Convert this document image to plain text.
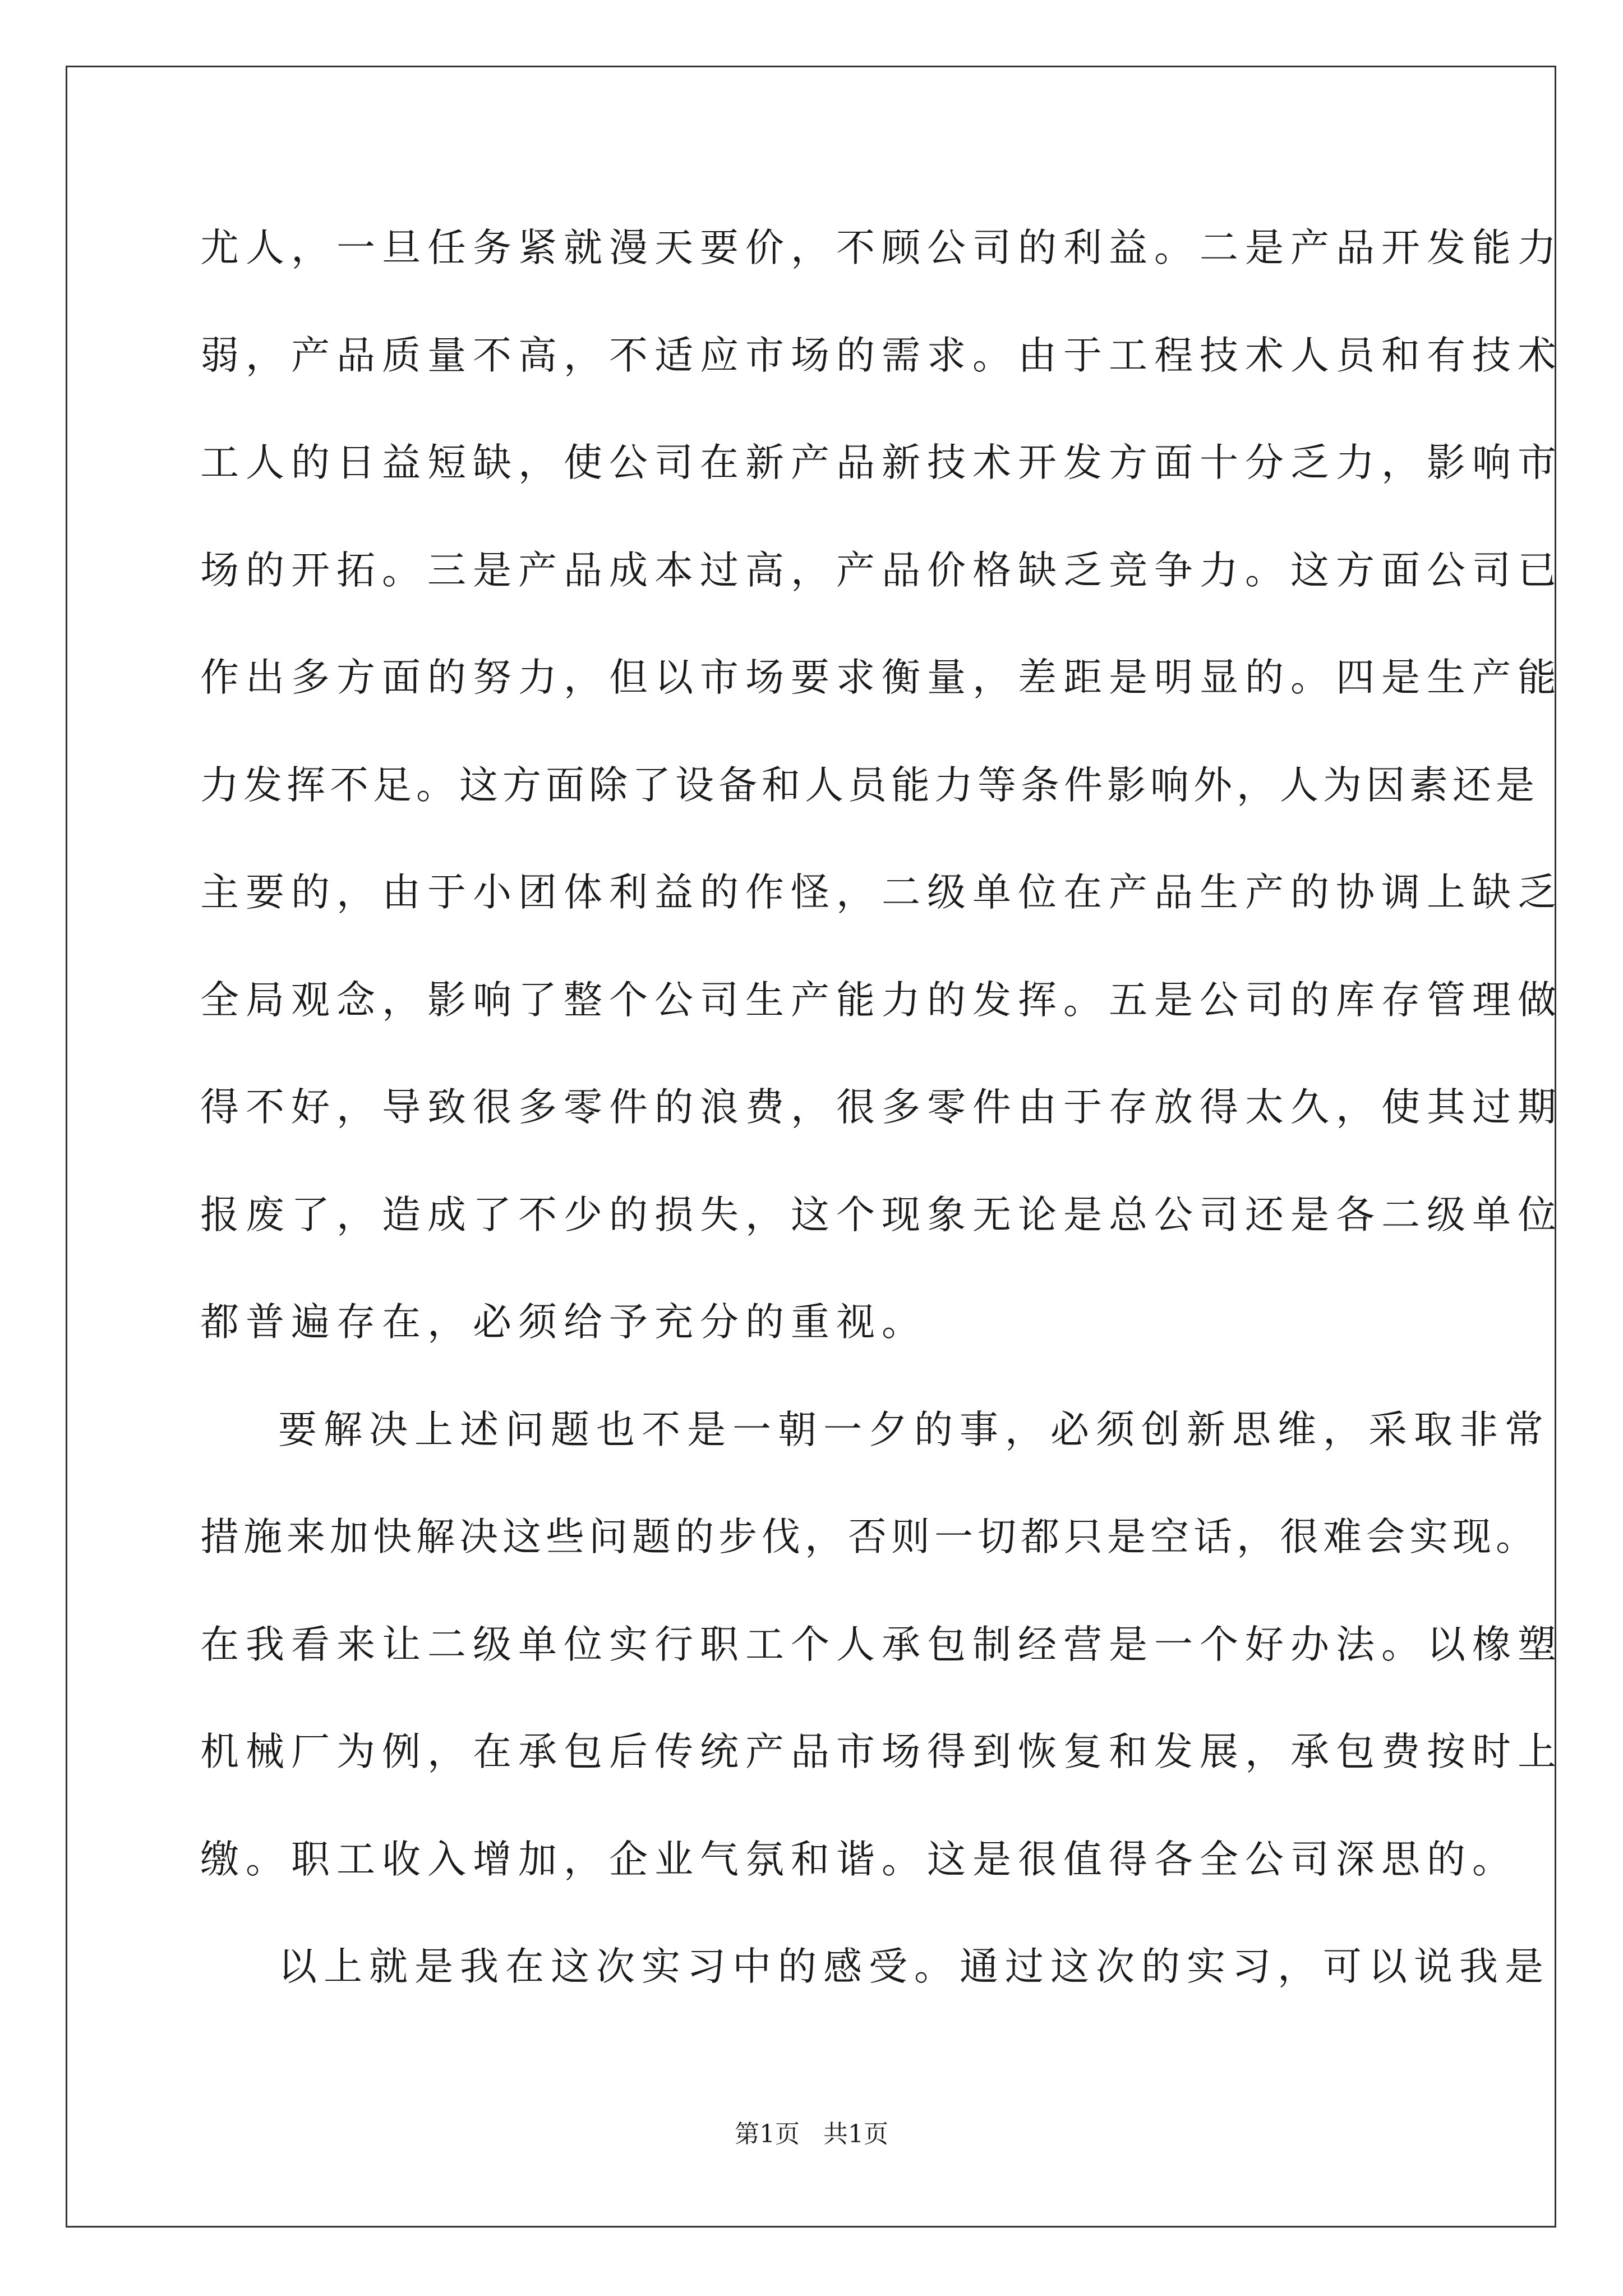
尤人，一旦任务紧就漫天要价，不顾公司的利益。二是产品开发能力
弱，产品质量不高，不适应市场的需求。由于工程技术人员和有技术
工人的日益短缺，使公司在新产品新技术开发方面十分乏力，影响市
场的开拓。三是产品成本过高，产品价格缺乏竞争力。这方面公司已
作出多方面的努力，但以市场要求衡量，差距是明显的。四是生产能
力发挥不足。这方面除了设备和人员能力等条件影响外，人为因素还是
主要的，由于小团体利益的作怪，二级单位在产品生产的协调上缺乏
全局观念，影响了整个公司生产能力的发挥。五是公司的库存管理做
得不好，导致很多零件的浪费，很多零件由于存放得太久，使其过期
报废了，造成了不少的损失，这个现象无论是总公司还是各二级单位
都普遍存在，必须给予充分的重视。
要解决上述问题也不是一朝一夕的事，必须创新思维，采取非常
措施来加快解决这些问题的步伐，否则一切都只是空话，很难会实现。
在我看来让二级单位实行职工个人承包制经营是一个好办法。以橡塑
机械厂为例，在承包后传统产品市场得到恢复和发展，承包费按时上
缴。职工收入增加，企业气氛和谐。这是很值得各全公司深思的。
以上就是我在这次实习中的感受。通过这次的实习，可以说我是
第1页   共1页
